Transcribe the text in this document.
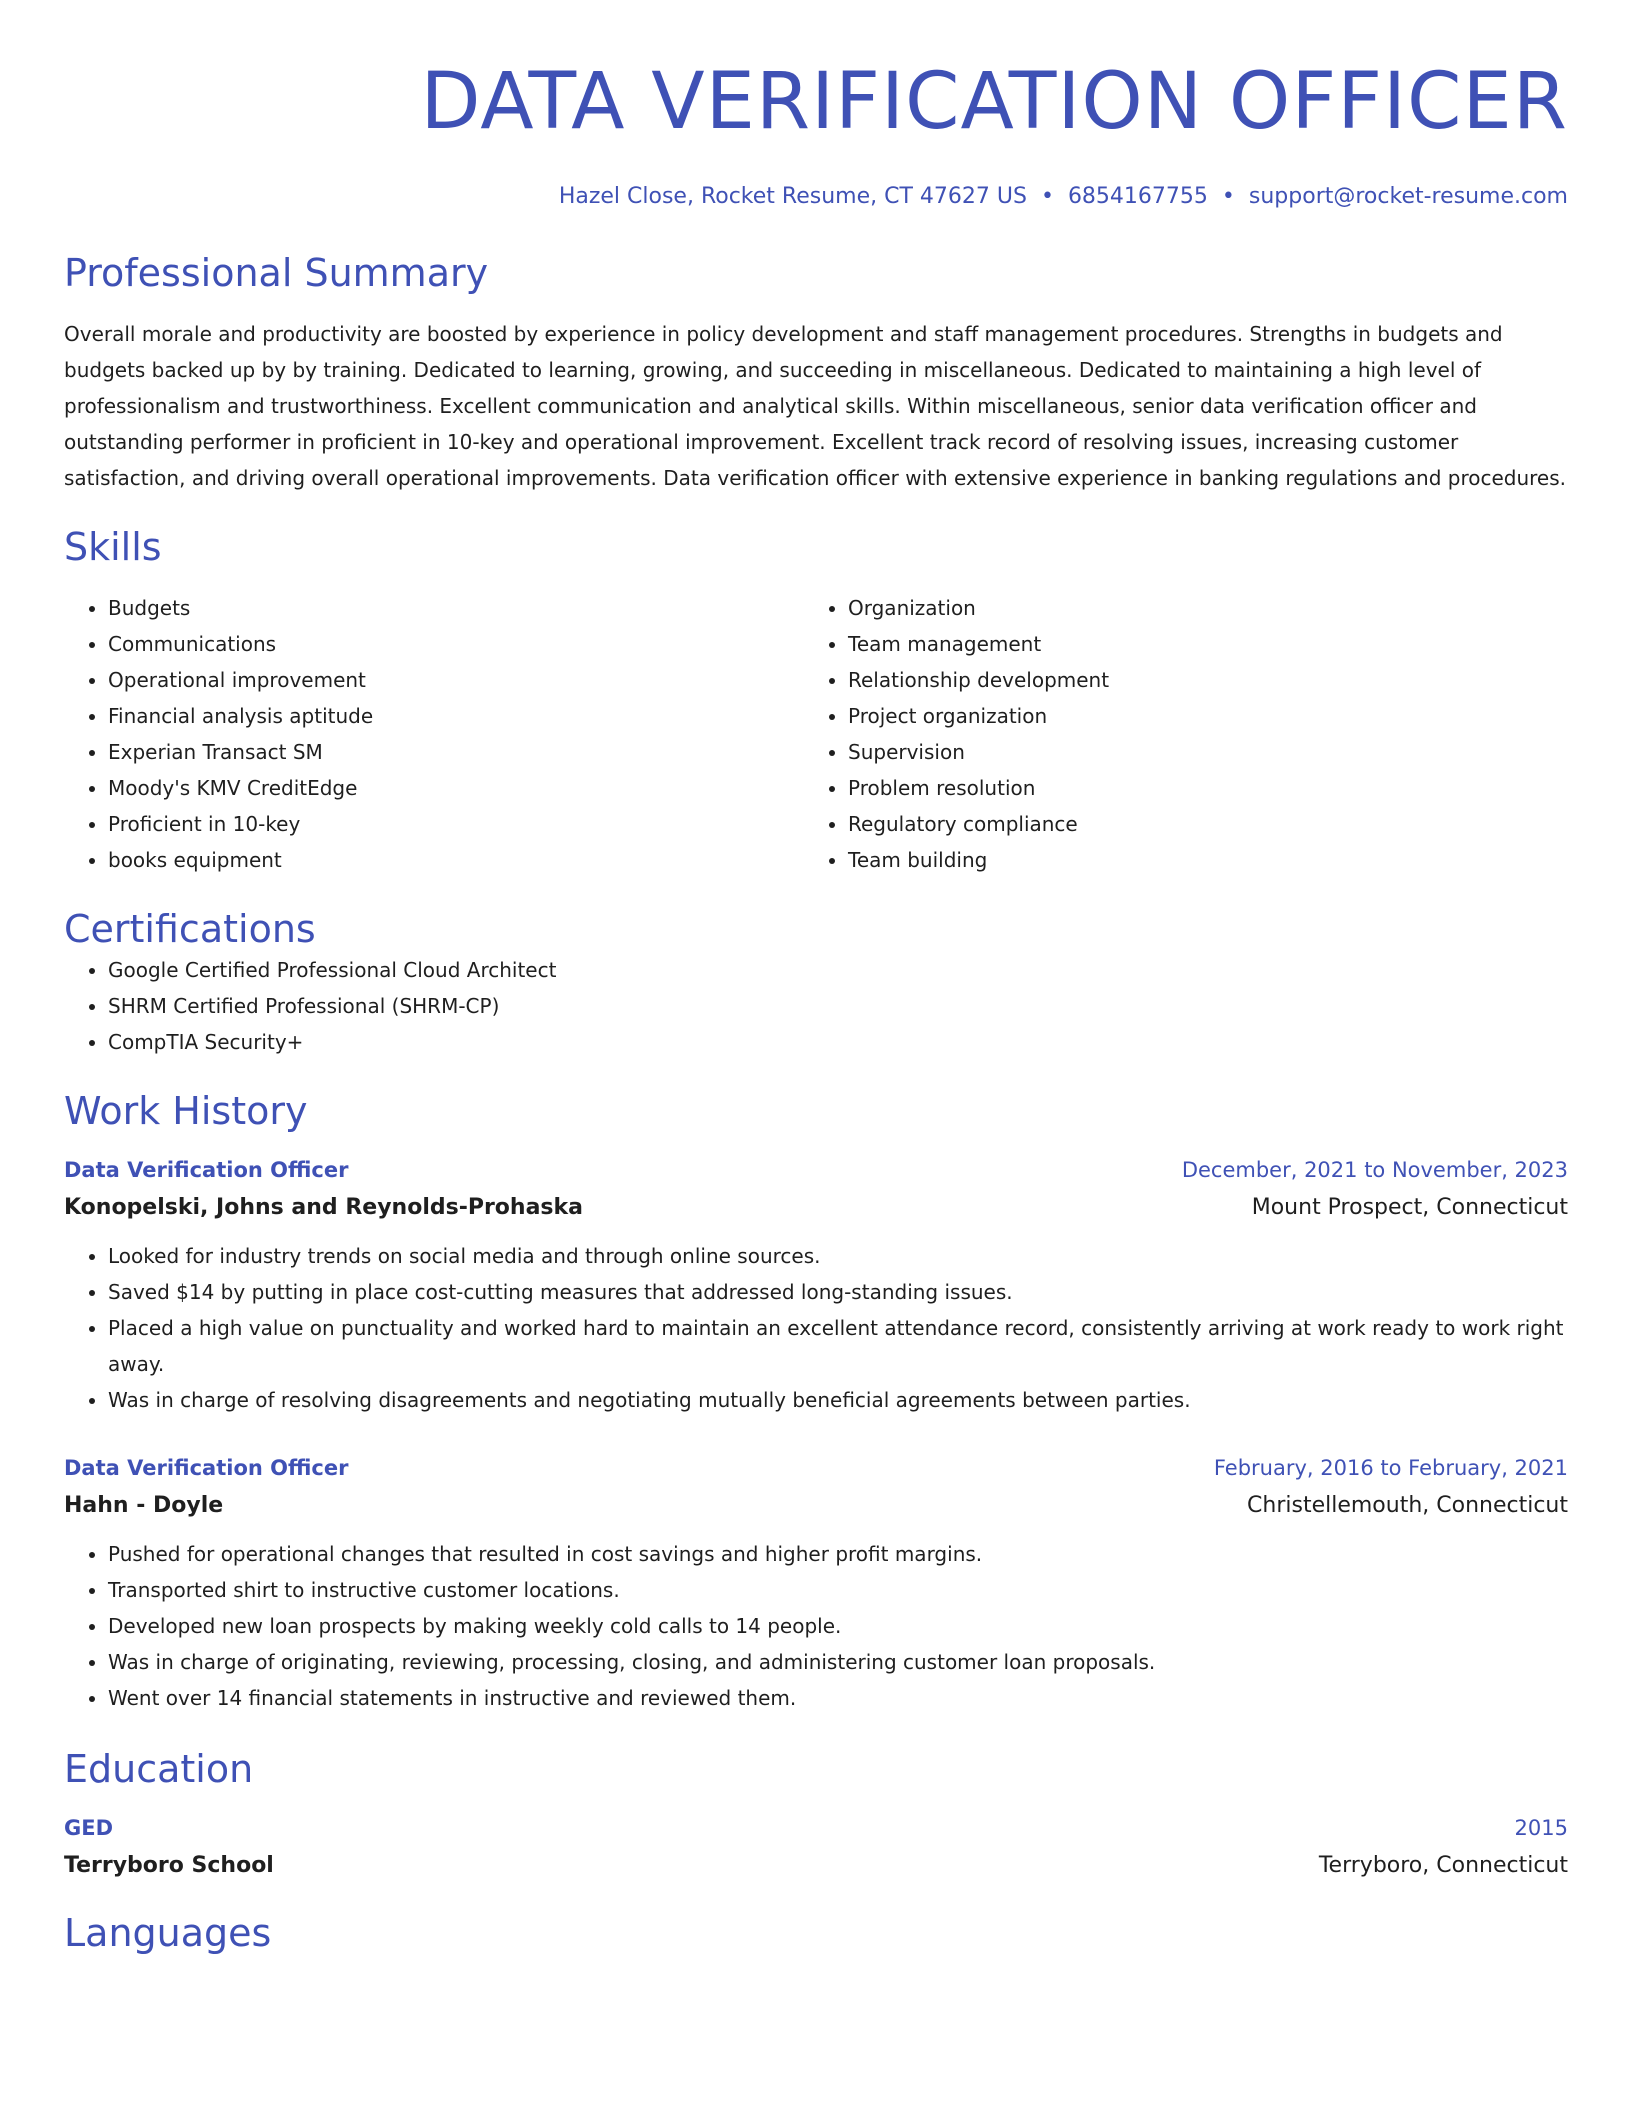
DATA VERIFICATION OFFICER
Hazel Close, Rocket Resume, CT 47627 US • 6854167755 • support@rocket-resume.com
Professional Summary

Overall morale and productivity are boosted by experience in policy development and staff management procedures. Strengths in budgets and budgets backed up by by training. Dedicated to learning, growing, and succeeding in miscellaneous. Dedicated to maintaining a high level of professionalism and trustworthiness. Excellent communication and analytical skills. Within miscellaneous, senior data verification officer and outstanding performer in proficient in 10-key and operational improvement. Excellent track record of resolving issues, increasing customer satisfaction, and driving overall operational improvements. Data verification officer with extensive experience in banking regulations and procedures.

Skills
• Budgets
• Communications
• Operational improvement
• Financial analysis aptitude
• Experian Transact SM
• Moody's KMV CreditEdge
• Proficient in 10-key
• books equipment
• Organization
• Team management
• Relationship development
• Project organization
• Supervision
• Problem resolution
• Regulatory compliance
• Team building
Certifications
• Google Certified Professional Cloud Architect
• SHRM Certified Professional (SHRM-CP)
• CompTIA Security+
Work History
Data Verification Officer	December, 2021 to November, 2023
Konopelski, Johns and Reynolds-Prohaska	Mount Prospect, Connecticut
• Looked for industry trends on social media and through online sources.
• Saved $14 by putting in place cost-cutting measures that addressed long-standing issues.
• Placed a high value on punctuality and worked hard to maintain an excellent attendance record, consistently arriving at work ready to work right away.
• Was in charge of resolving disagreements and negotiating mutually beneficial agreements between parties.
Data Verification Officer	February, 2016 to February, 2021
Hahn - Doyle	Christellemouth, Connecticut
• Pushed for operational changes that resulted in cost savings and higher profit margins.
• Transported shirt to instructive customer locations.
• Developed new loan prospects by making weekly cold calls to 14 people.
• Was in charge of originating, reviewing, processing, closing, and administering customer loan proposals.
• Went over 14 financial statements in instructive and reviewed them.
Education
GED	2015
Terryboro School	Terryboro, Connecticut
Languages
